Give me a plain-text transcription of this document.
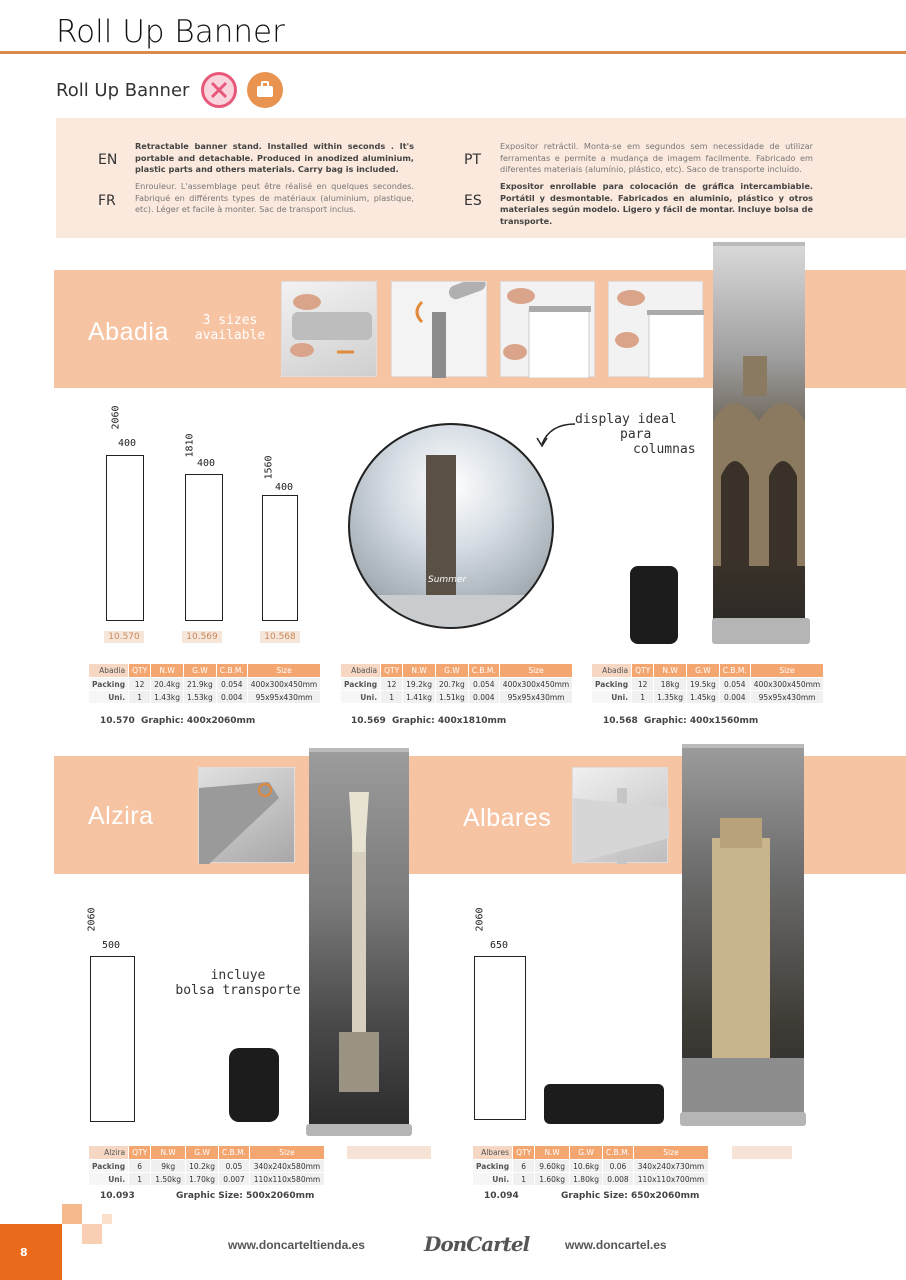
Roll Up Banner
Roll Up Banner
EN
Retractable banner stand. Installed within seconds . It's portable and detachable. Produced in anodized aluminium, plastic parts and others materials. Carry bag is included.
FR
Enrouleur. L'assemblage peut être réalisé en quelques secondes. Fabriqué en différents types de matériaux (aluminium, plastique, etc). Léger et facile à monter. Sac de transport inclus.
PT
Expositor retráctil. Monta-se em segundos sem necessidade de utilizar ferramentas e permite a mudança de imagem facilmente. Fabricado em diferentes materiais (alumínio, plástico, etc). Saco de transporte incluído.
ES
Expositor enrollable para colocación de gráfica intercambiable. Portátil y desmontable. Fabricados en aluminio, plástico y otros materiales según modelo. Ligero y fácil de montar. Incluye bolsa de transporte.
Abadia	3 sizes
available
2060
400	1810
400	1560
400
10.570	10.569	10.568
Summer
display ideal
para
columnas
Abadia	QTY	N.W	G.W	C.B.M.	Size
Packing	12	20.4kg	21.9kg	0.054	400x300x450mm
Uni.	1	1.43kg	1.53kg	0.004	95x95x430mm
10.570 Graphic: 400x2060mm
Abadia	QTY	N.W	G.W	C.B.M.	Size
Packing	12	19.2kg	20.7kg	0.054	400x300x450mm
Uni.	1	1.41kg	1.51kg	0.004	95x95x430mm
10.569 Graphic: 400x1810mm
Abadia	QTY	N.W	G.W	C.B.M.	Size
Packing	12	18kg	19.5kg	0.054	400x300x450mm
Uni.	1	1.35kg	1.45kg	0.004	95x95x430mm
10.568 Graphic: 400x1560mm
Alzira	Albares
2060
500
incluye
bolsa transporte
2060
650
Alzira	QTY	N.W	G.W	C.B.M.	Size
Packing	6	9kg	10.2kg	0.05	340x240x580mm
Uni.	1	1.50kg	1.70kg	0.007	110x110x580mm
10.093	Graphic Size: 500x2060mm
Albares	QTY	N.W	G.W	C.B.M.	Size
Packing	6	9.60kg	10.6kg	0.06	340x240x730mm
Uni.	1	1.60kg	1.80kg	0.008	110x110x700mm
10.094	Graphic Size: 650x2060mm
8	www.doncarteltienda.es	DonCartel	www.doncartel.es
